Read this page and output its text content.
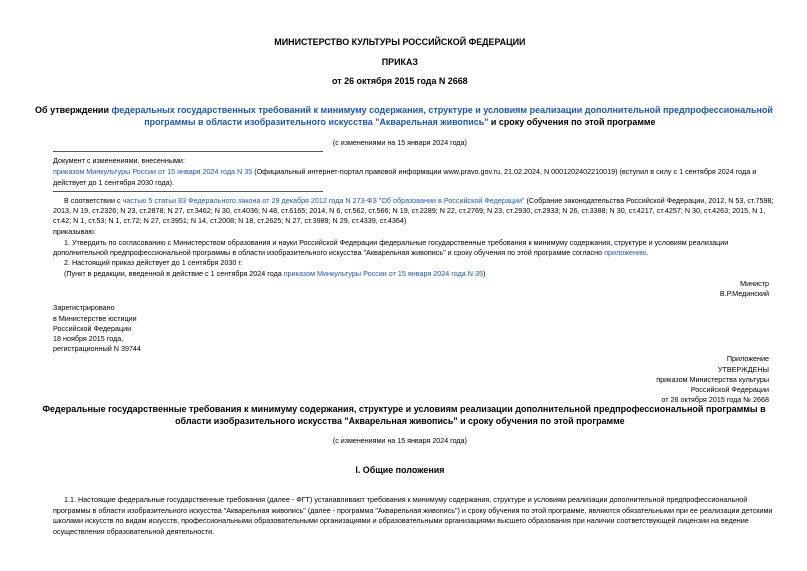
МИНИСТЕРСТВО КУЛЬТУРЫ РОССИЙСКОЙ ФЕДЕРАЦИИ
ПРИКАЗ
от 26 октября 2015 года N 2668
Об утверждении федеральных государственных требований к минимуму содержания, структуре и условиям реализации дополнительной предпрофессиональной
программы в области изобразительного искусства "Акварельная живопись" и сроку обучения по этой программе
(с изменениями на 15 января 2024 года)
Документ с изменениями, внесенными:
приказом Минкультуры России от 15 января 2024 года N 35 (Официальный интернет-портал правовой информации www.pravo.gov.ru, 21.02.2024, N 0001202402210019) (вступил в силу с 1 сентября 2024 года и
действует до 1 сентября 2030 года).
В соответствии с частью 5 статьи 83 Федерального закона от 29 декабря 2012 года N 273-ФЗ "Об образовании в Российской Федерации" (Собрание законодательства Российской Федерации, 2012, N 53, ст.7598;
2013, N 19, ст.2326; N 23, ст.2878; N 27, ст.3462; N 30, ст.4036; N 48, ст.6165; 2014, N 6, ст.562, ст.566; N 19, ст.2289; N 22, ст.2769; N 23, ст.2930, ст.2933; N 26, ст.3388; N 30, ст.4217, ст.4257; N 30, ст.4263; 2015, N 1,
ст.42; N 1, ст.53; N 1, ст.72; N 27, ст.3951; N 14, ст.2008; N 18, ст.2625; N 27, ст.3989; N 29, ст.4339, ст.4364)
приказываю:
1. Утвердить по согласованию с Министерством образования и науки Российской Федерации федеральные государственные требования к минимуму содержания, структуре и условиям реализации
дополнительной предпрофессиональной программы в области изобразительного искусства "Акварельная живопись" и сроку обучения по этой программе согласно приложению.
2. Настоящий приказ действует до 1 сентября 2030 г.
(Пункт в редакции, введенной в действие с 1 сентября 2024 года приказом Минкультуры России от 15 января 2024 года N 35)
Министр
В.Р.Мединский
Зарегистрировано
в Министерстве юстиции
Российской Федерации
18 ноября 2015 года,
регистрационный N 39744
Приложение
УТВЕРЖДЕНЫ
приказом Министерства культуры
Российской Федерации
от 26 октября 2015 года № 2668
Федеральные государственные требования к минимуму содержания, структуре и условиям реализации дополнительной предпрофессиональной программы в
области изобразительного искусства "Акварельная живопись" и сроку обучения по этой программе
(с изменениями на 15 января 2024 года)
I. Общие положения
1.1. Настоящие федеральные государственные требования (далее - ФГТ) устанавливают требования к минимуму содержания, структуре и условиям реализации дополнительной предпрофессиональной
программы в области изобразительного искусства "Акварельная живопись" (далее - программа "Акварельная живопись") и сроку обучения по этой программе, являются обязательными при ее реализации детскими
школами искусств по видам искусств, профессиональными образовательными организациями и образовательными организациями высшего образования при наличии соответствующей лицензии на ведение
осуществления образовательной деятельности.
